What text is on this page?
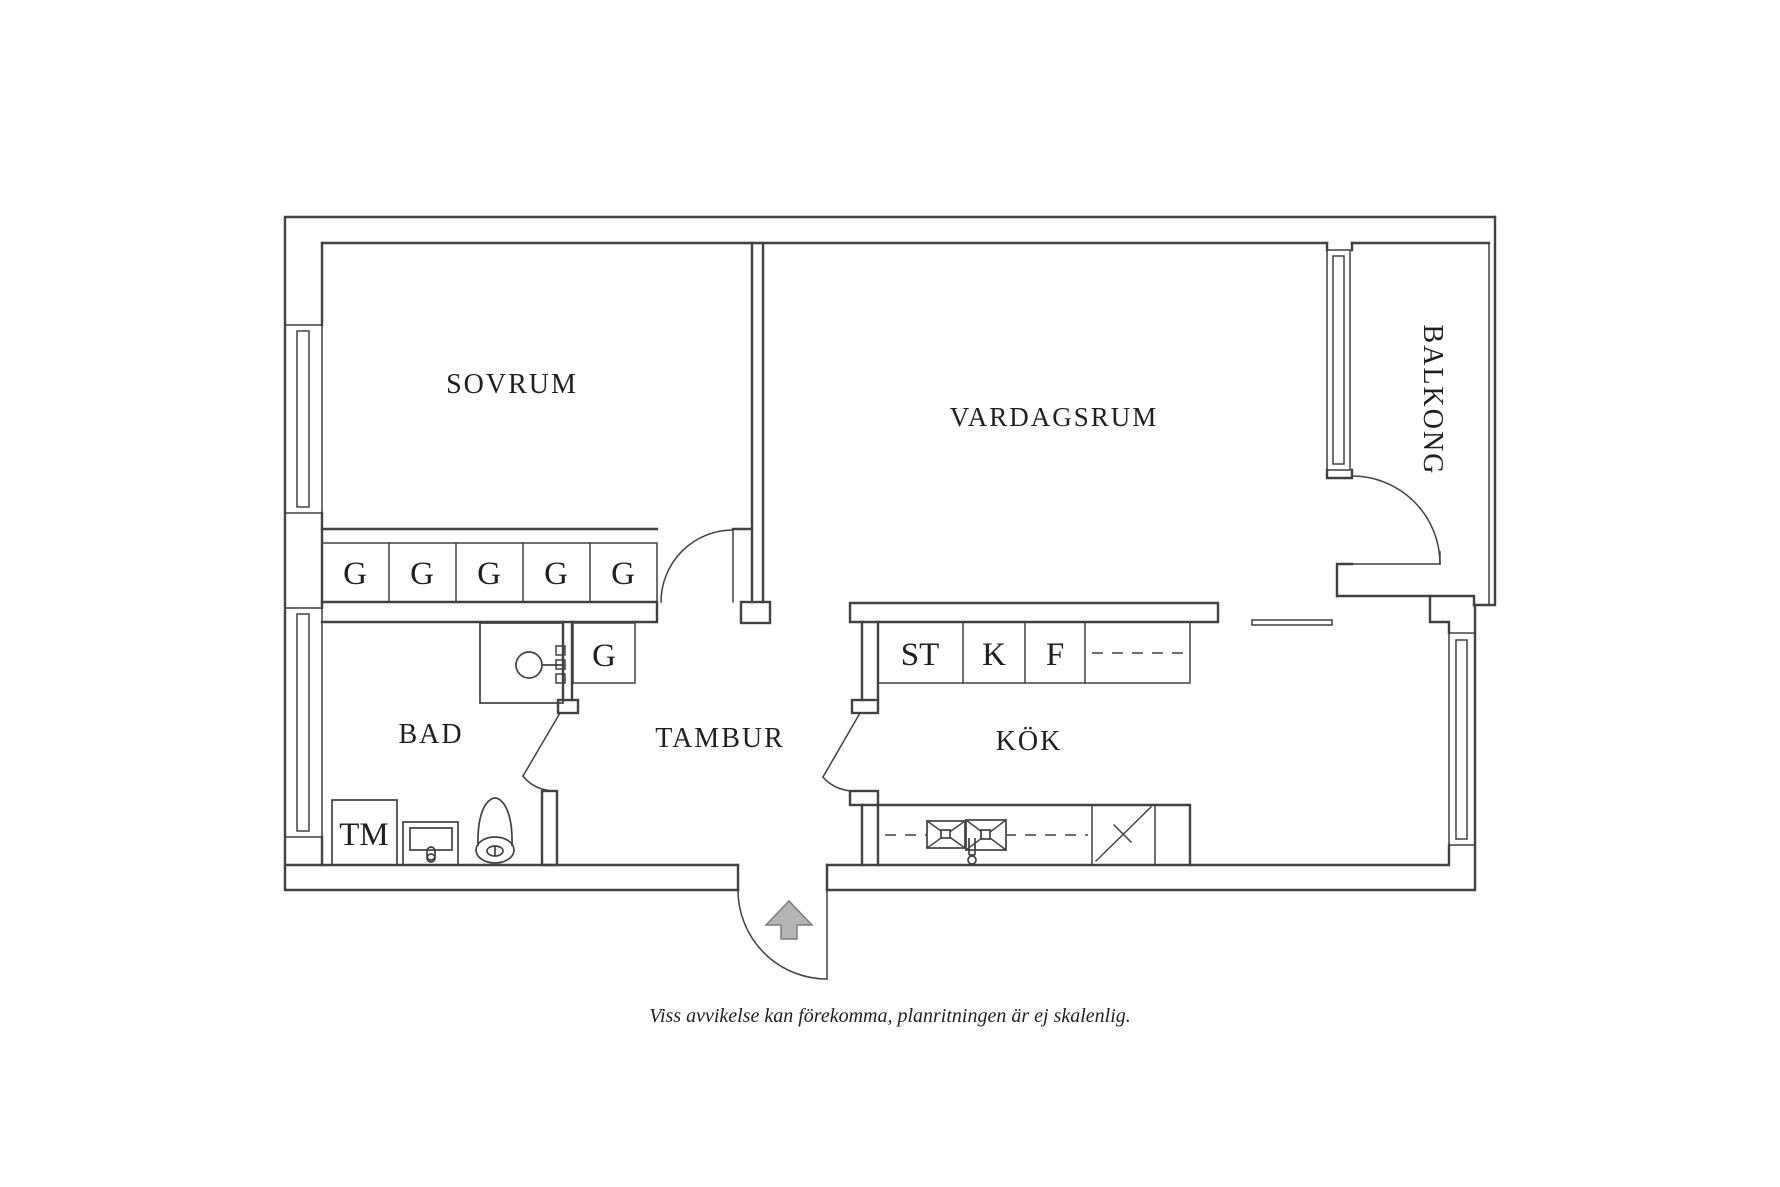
G G G G G
G
TM
ST K F
SOVRUM
VARDAGSRUM	BALKONG
BAD	TAMBUR	KÖK
Viss avvikelse kan förekomma, planritningen är ej skalenlig.
